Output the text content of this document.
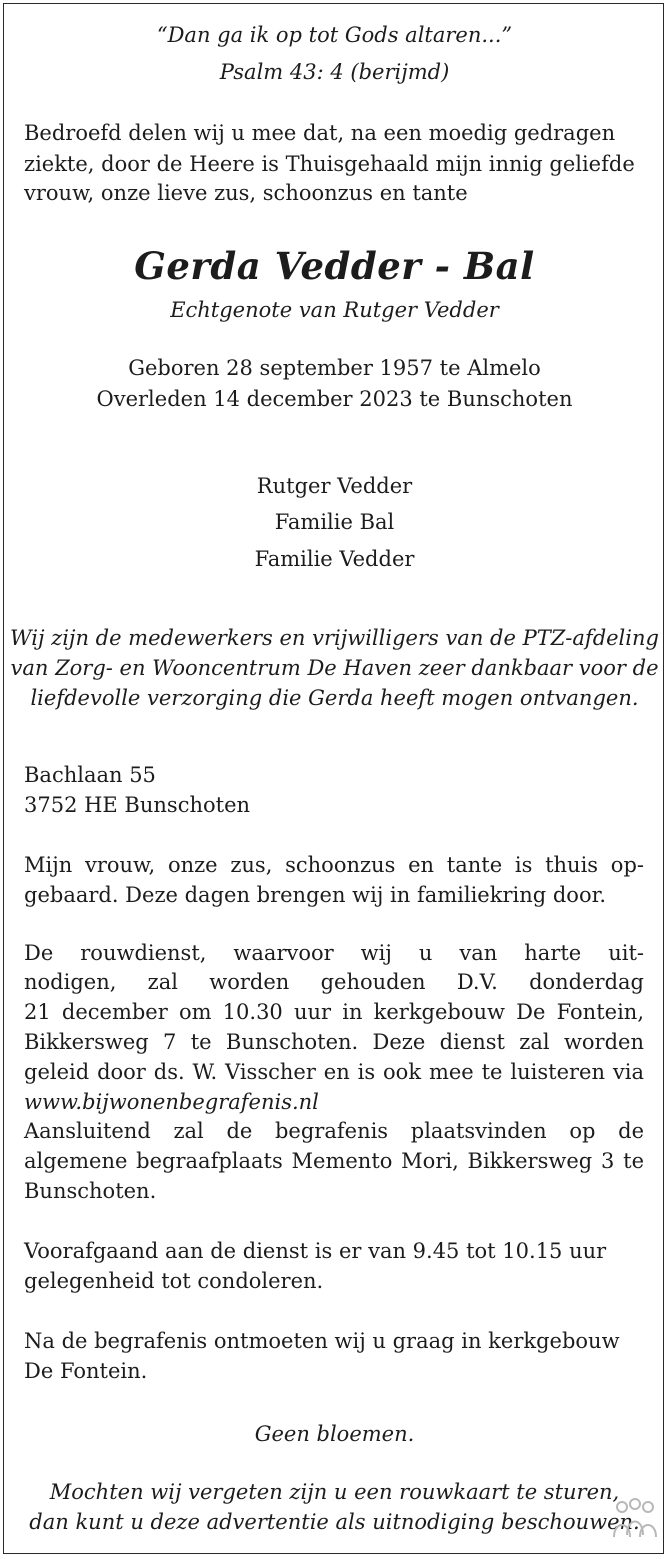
“Dan ga ik op tot Gods altaren...”
Psalm 43: 4 (berijmd)
Bedroefd delen wij u mee dat, na een moedig gedragen
ziekte, door de Heere is Thuisgehaald mijn innig geliefde
vrouw, onze lieve zus, schoonzus en tante
Gerda Vedder - Bal
Echtgenote van Rutger Vedder
Geboren 28 september 1957 te Almelo
Overleden 14 december 2023 te Bunschoten
Rutger Vedder
Familie Bal
Familie Vedder
Wij zijn de medewerkers en vrijwilligers van de PTZ-afdeling
van Zorg- en Wooncentrum De Haven zeer dankbaar voor de
liefdevolle verzorging die Gerda heeft mogen ontvangen.
Bachlaan 55
3752 HE Bunschoten
Mijn vrouw, onze zus, schoonzus en tante is thuis op-
gebaard. Deze dagen brengen wij in familiekring door.
De rouwdienst, waarvoor wij u van harte uit-
nodigen, zal worden gehouden D.V. donderdag
21 december om 10.30 uur in kerkgebouw De Fontein,
Bikkersweg 7 te Bunschoten. Deze dienst zal worden
geleid door ds. W. Visscher en is ook mee te luisteren via
www.bijwonenbegrafenis.nl
Aansluitend zal de begrafenis plaatsvinden op de
algemene begraafplaats Memento Mori, Bikkersweg 3 te
Bunschoten.
Voorafgaand aan de dienst is er van 9.45 tot 10.15 uur
gelegenheid tot condoleren.
Na de begrafenis ontmoeten wij u graag in kerkgebouw
De Fontein.
Geen bloemen.
Mochten wij vergeten zijn u een rouwkaart te sturen,
dan kunt u deze advertentie als uitnodiging beschouwen.
